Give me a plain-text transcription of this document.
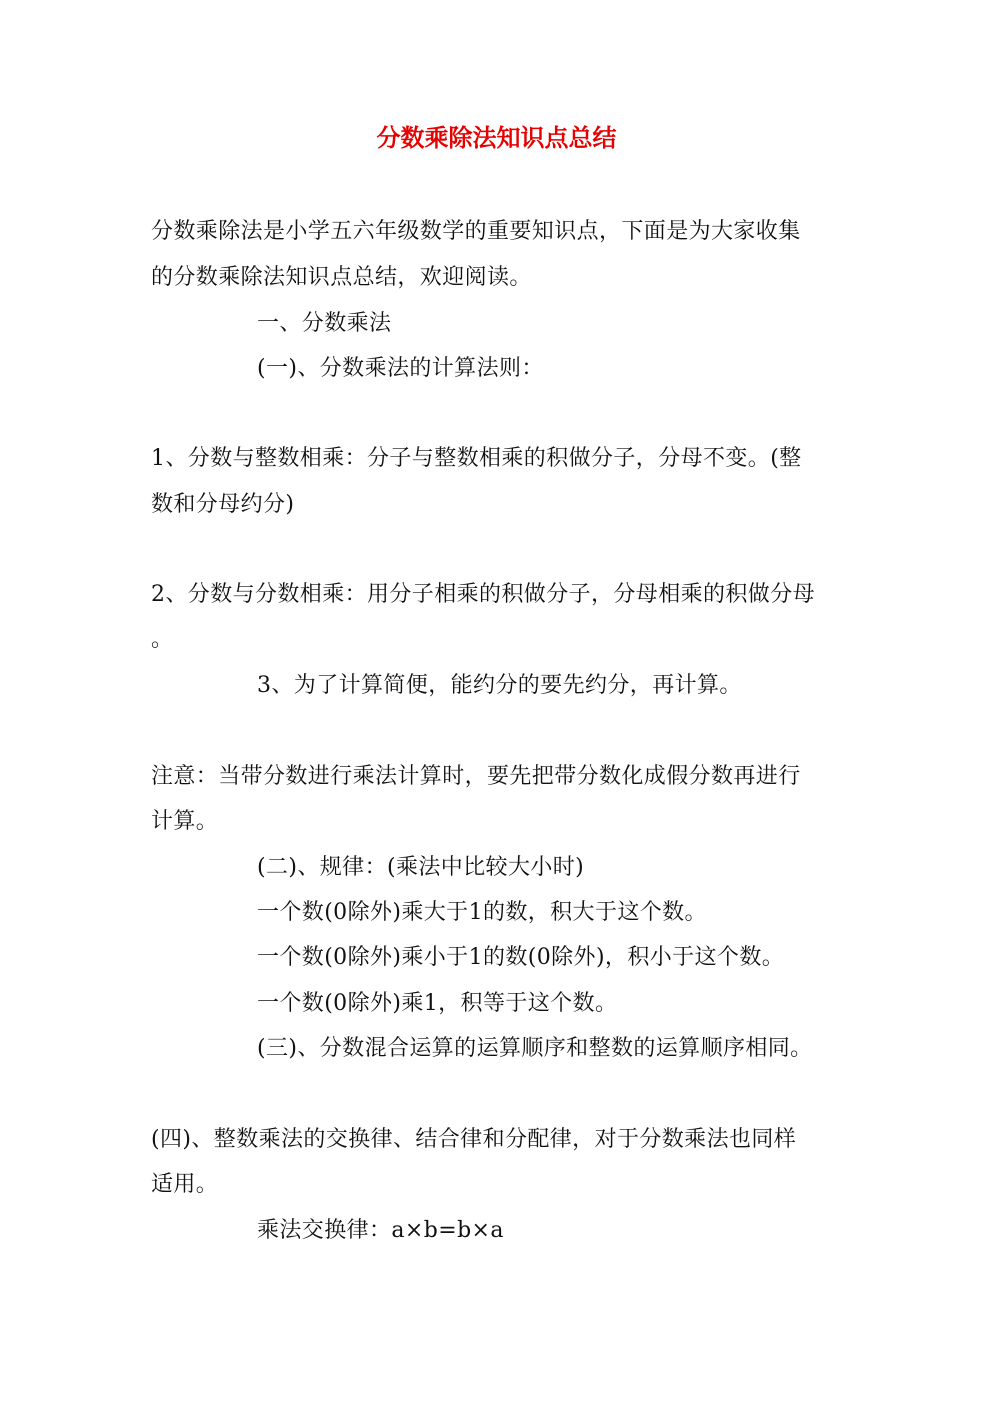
分数乘除法知识点总结

分数乘除法是小学五六年级数学的重要知识点，下面是为大家收集

的分数乘除法知识点总结，欢迎阅读。

一、分数乘法

(一)、分数乘法的计算法则：

1、分数与整数相乘：分子与整数相乘的积做分子，分母不变。(整

数和分母约分)

2、分数与分数相乘：用分子相乘的积做分子，分母相乘的积做分母

。

3、为了计算简便，能约分的要先约分，再计算。

注意：当带分数进行乘法计算时，要先把带分数化成假分数再进行

计算。

(二)、规律：(乘法中比较大小时)

一个数(0除外)乘大于1的数，积大于这个数。

一个数(0除外)乘小于1的数(0除外)，积小于这个数。

一个数(0除外)乘1，积等于这个数。

(三)、分数混合运算的运算顺序和整数的运算顺序相同。

(四)、整数乘法的交换律、结合律和分配律，对于分数乘法也同样

适用。

乘法交换律：a×b=b×a
